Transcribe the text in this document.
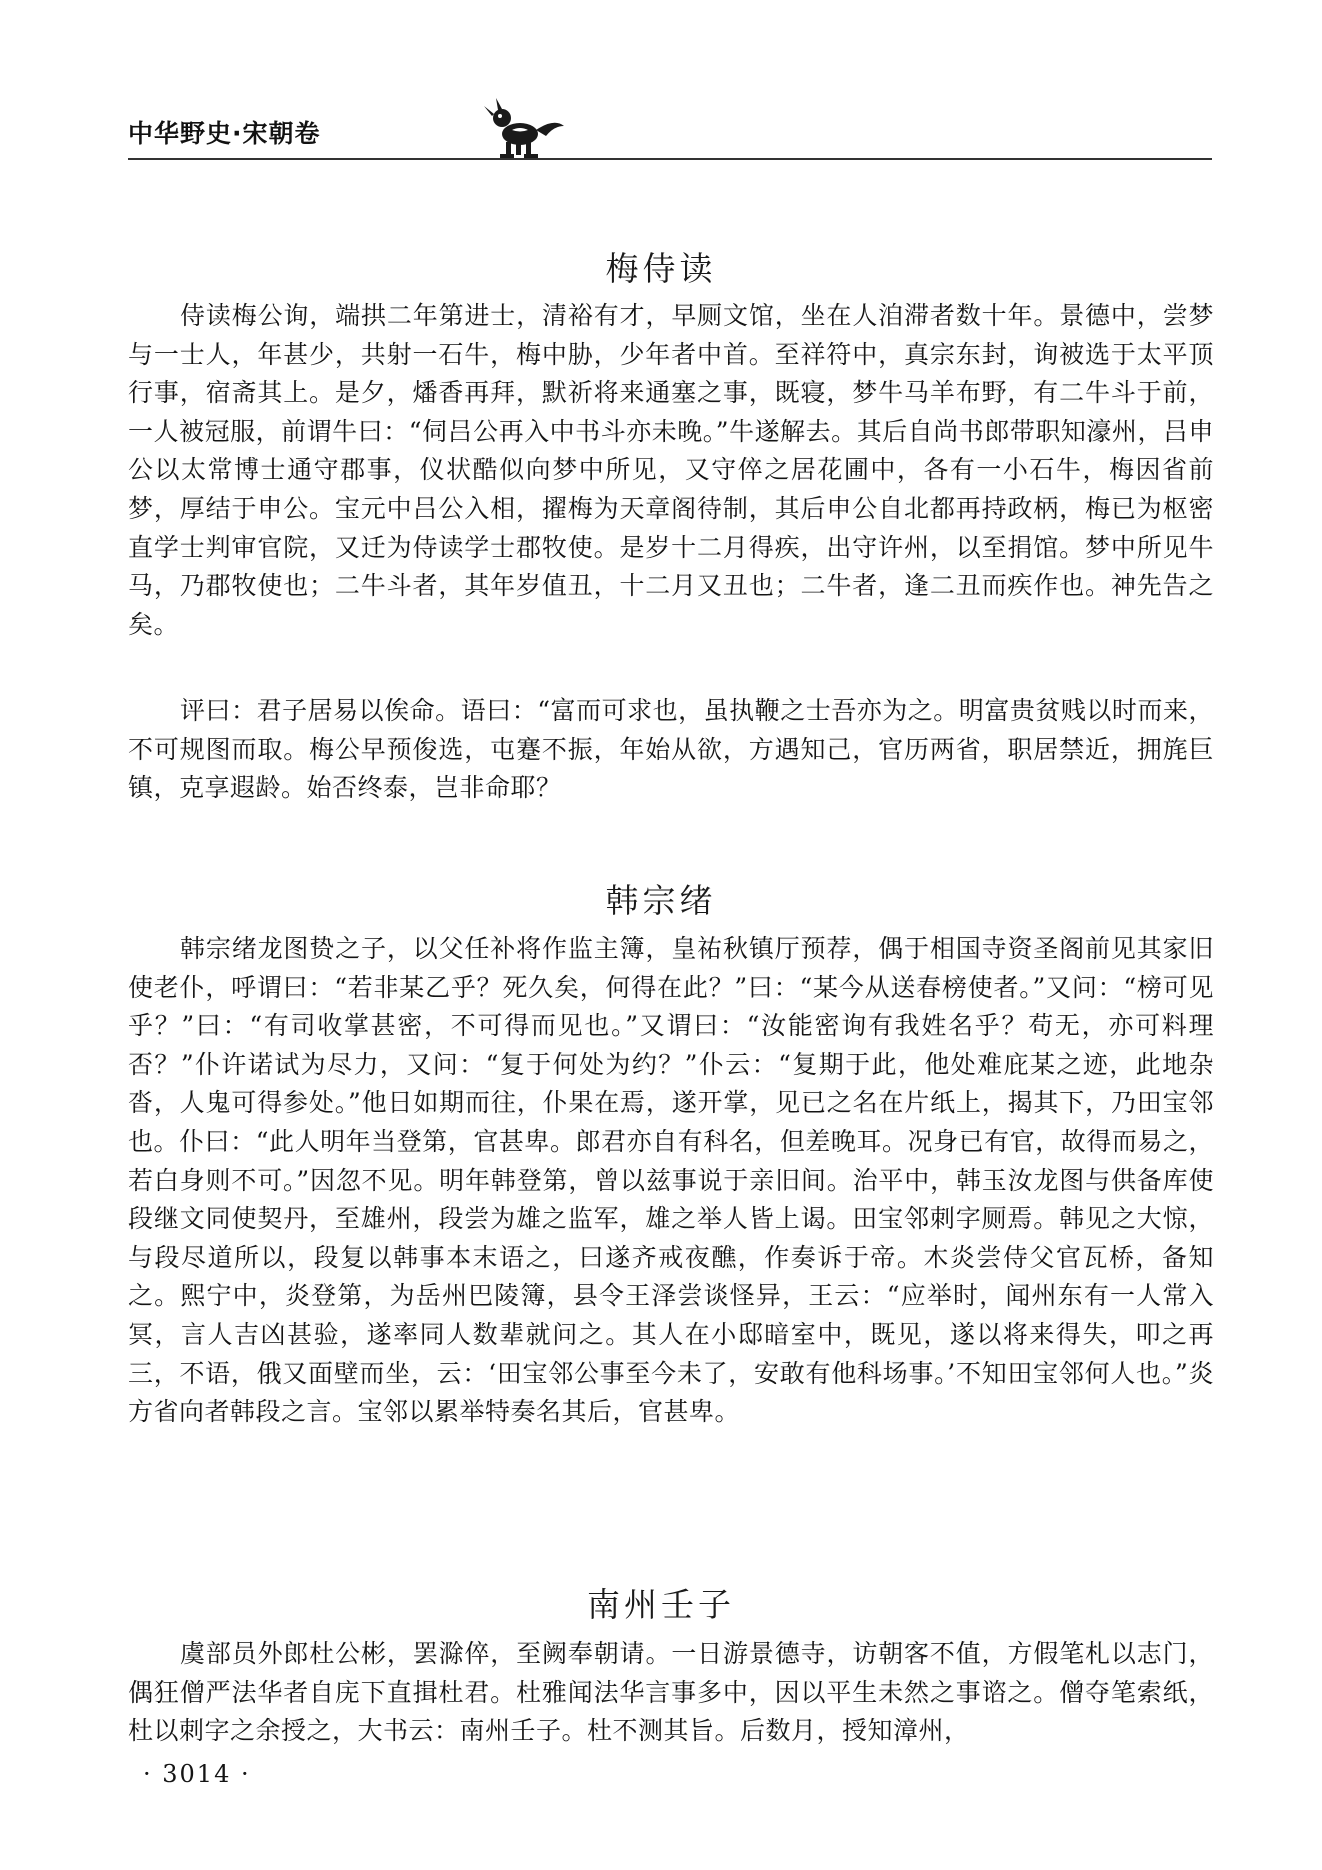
中华野史·宋朝卷
梅侍读

侍读梅公询，端拱二年第进士，清裕有才，早厕文馆，坐在人洎滞者数十年。景德中，尝梦与一士人，年甚少，共射一石牛，梅中胁，少年者中首。至祥符中，真宗东封，询被选于太平顶行事，宿斋其上。是夕，燔香再拜，默祈将来通塞之事，既寝，梦牛马羊布野，有二牛斗于前，一人被冠服，前谓牛曰：“伺吕公再入中书斗亦未晚。”牛遂解去。其后自尚书郎带职知濠州，吕申公以太常博士通守郡事，仪状酷似向梦中所见，又守倅之居花圃中，各有一小石牛，梅因省前梦，厚结于申公。宝元中吕公入相，擢梅为天章阁待制，其后申公自北都再持政柄，梅已为枢密直学士判审官院，又迁为侍读学士郡牧使。是岁十二月得疾，出守许州，以至捐馆。梦中所见牛马，乃郡牧使也；二牛斗者，其年岁值丑，十二月又丑也；二牛者，逢二丑而疾作也。神先告之矣。

评曰：君子居易以俟命。语曰：“富而可求也，虽执鞭之士吾亦为之。明富贵贫贱以时而来，不可规图而取。梅公早预俊选，屯蹇不振，年始从欲，方遇知己，官历两省，职居禁近，拥旄巨镇，克享遐龄。始否终泰，岂非命耶？

韩宗绪

韩宗绪龙图贽之子，以父任补将作监主簿，皇祐秋镇厅预荐，偶于相国寺资圣阁前见其家旧使老仆，呼谓曰：“若非某乙乎？死久矣，何得在此？”曰：“某今从送春榜使者。”又问：“榜可见乎？”曰：“有司收掌甚密，不可得而见也。”又谓曰：“汝能密询有我姓名乎？苟无，亦可料理否？”仆许诺试为尽力，又问：“复于何处为约？”仆云：“复期于此，他处难庇某之迹，此地杂沓，人鬼可得参处。”他日如期而往，仆果在焉，遂开掌，见已之名在片纸上，揭其下，乃田宝邻也。仆曰：“此人明年当登第，官甚卑。郎君亦自有科名，但差晚耳。况身已有官，故得而易之，若白身则不可。”因忽不见。明年韩登第，曾以兹事说于亲旧间。治平中，韩玉汝龙图与供备库使段继文同使契丹，至雄州，段尝为雄之监军，雄之举人皆上谒。田宝邻刺字厕焉。韩见之大惊，与段尽道所以，段复以韩事本末语之，曰遂齐戒夜醮，作奏诉于帝。木炎尝侍父官瓦桥，备知之。熙宁中，炎登第，为岳州巴陵簿，县令王泽尝谈怪异，王云：“应举时，闻州东有一人常入冥，言人吉凶甚验，遂率同人数辈就问之。其人在小邸暗室中，既见，遂以将来得失，叩之再三，不语，俄又面壁而坐，云：‘田宝邻公事至今未了，安敢有他科场事。’不知田宝邻何人也。”炎方省向者韩段之言。宝邻以累举特奏名其后，官甚卑。

南州壬子

虞部员外郎杜公彬，罢滁倅，至阙奉朝请。一日游景德寺，访朝客不值，方假笔札以志门，偶狂僧严法华者自庑下直揖杜君。杜雅闻法华言事多中，因以平生未然之事谘之。僧夺笔索纸，杜以刺字之余授之，大书云：南州壬子。杜不测其旨。后数月，授知漳州，

· 3014 ·
